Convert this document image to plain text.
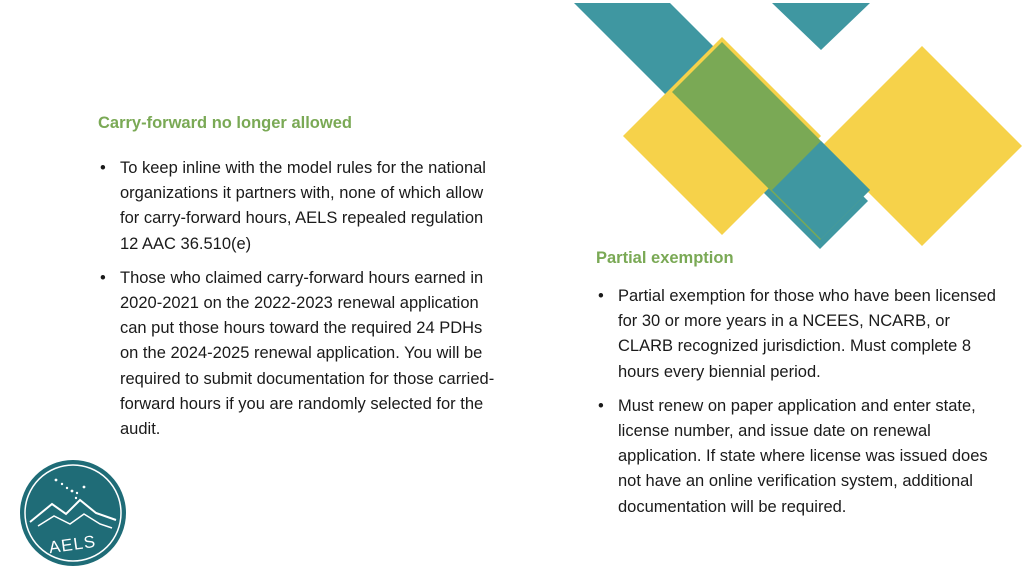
Carry-forward no longer allowed
• To keep inline with the model rules for the national organizations it partners with, none of which allow for carry-forward hours, AELS repealed regulation 12 AAC 36.510(e)
• Those who claimed carry-forward hours earned in 2020-2021 on the 2022-2023 renewal application can put those hours toward the required 24 PDHs on the 2024-2025 renewal application. You will be required to submit documentation for those carried-forward hours if you are randomly selected for the audit.
Partial exemption
• Partial exemption for those who have been licensed for 30 or more years in a NCEES, NCARB, or CLARB recognized jurisdiction. Must complete 8 hours every biennial period.
• Must renew on paper application and enter state, license number, and issue date on renewal application. If state where license was issued does not have an online verification system, additional documentation will be required.
AELS
